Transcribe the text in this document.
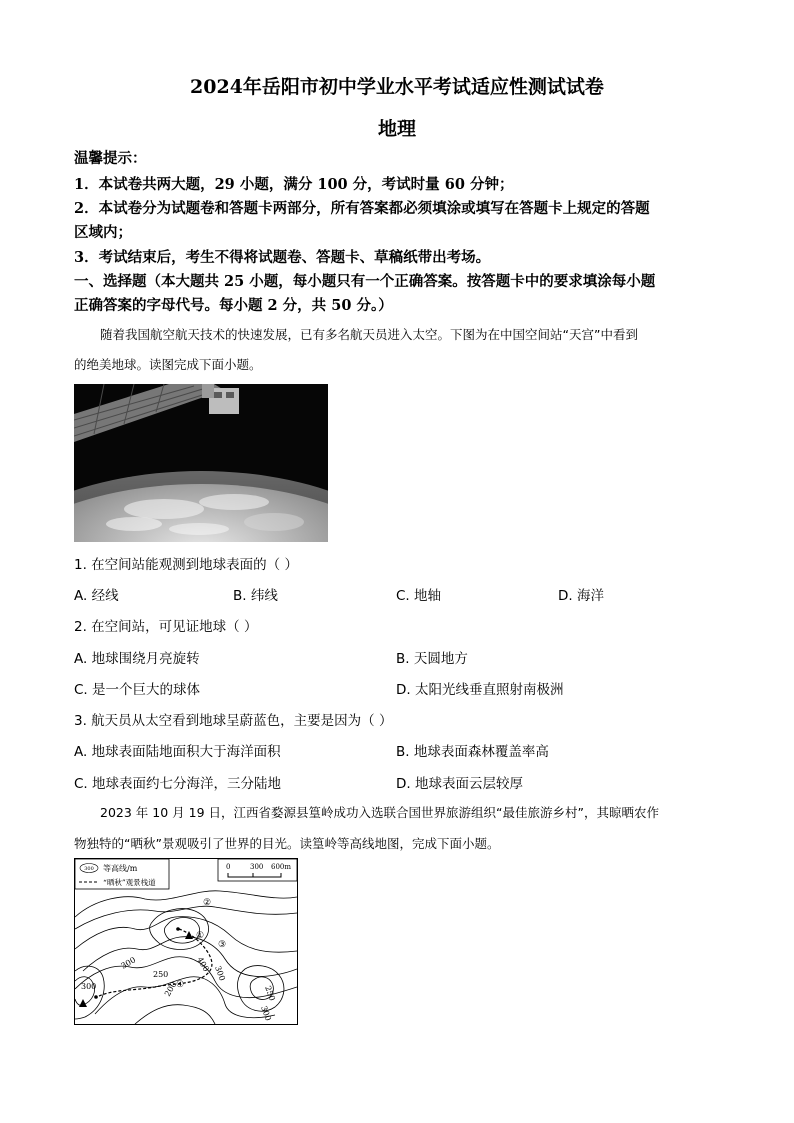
2024年岳阳市初中学业水平考试适应性测试试卷
地理
温馨提示：
1．本试卷共两大题，29 小题，满分 100 分，考试时量 60 分钟；
2．本试卷分为试题卷和答题卡两部分，所有答案都必须填涂或填写在答题卡上规定的答题
区域内；
3．考试结束后，考生不得将试题卷、答题卡、草稿纸带出考场。
一、选择题（本大题共 25 小题，每小题只有一个正确答案。按答题卡中的要求填涂每小题
正确答案的字母代号。每小题 2 分，共 50 分。）
随着我国航空航天技术的快速发展，已有多名航天员进入太空。下图为在中国空间站“天宫”中看到
的绝美地球。读图完成下面小题。
1. 在空间站能观测到地球表面的（ ）
A. 经线	B. 纬线	C. 地轴	D. 海洋
2. 在空间站，可见证地球（ ）
A. 地球围绕月亮旋转	B. 天圆地方
C. 是一个巨大的球体	D. 太阳光线垂直照射南极洲
3. 航天员从太空看到地球呈蔚蓝色，主要是因为（ ）
A. 地球表面陆地面积大于海洋面积	B. 地球表面森林覆盖率高
C. 地球表面约七分海洋，三分陆地	D. 地球表面云层较厚
2023 年 10 月 19 日，江西省婺源县篁岭成功入选联合国世界旅游组织“最佳旅游乡村”，其晾晒农作
物独特的“晒秋”景观吸引了世界的目光。读篁岭等高线地图，完成下面小题。
300 等高线/m
“晒秋”观景栈道
0	300 600m
①
②
③
④
300
250
200
400
300
250
300
300
